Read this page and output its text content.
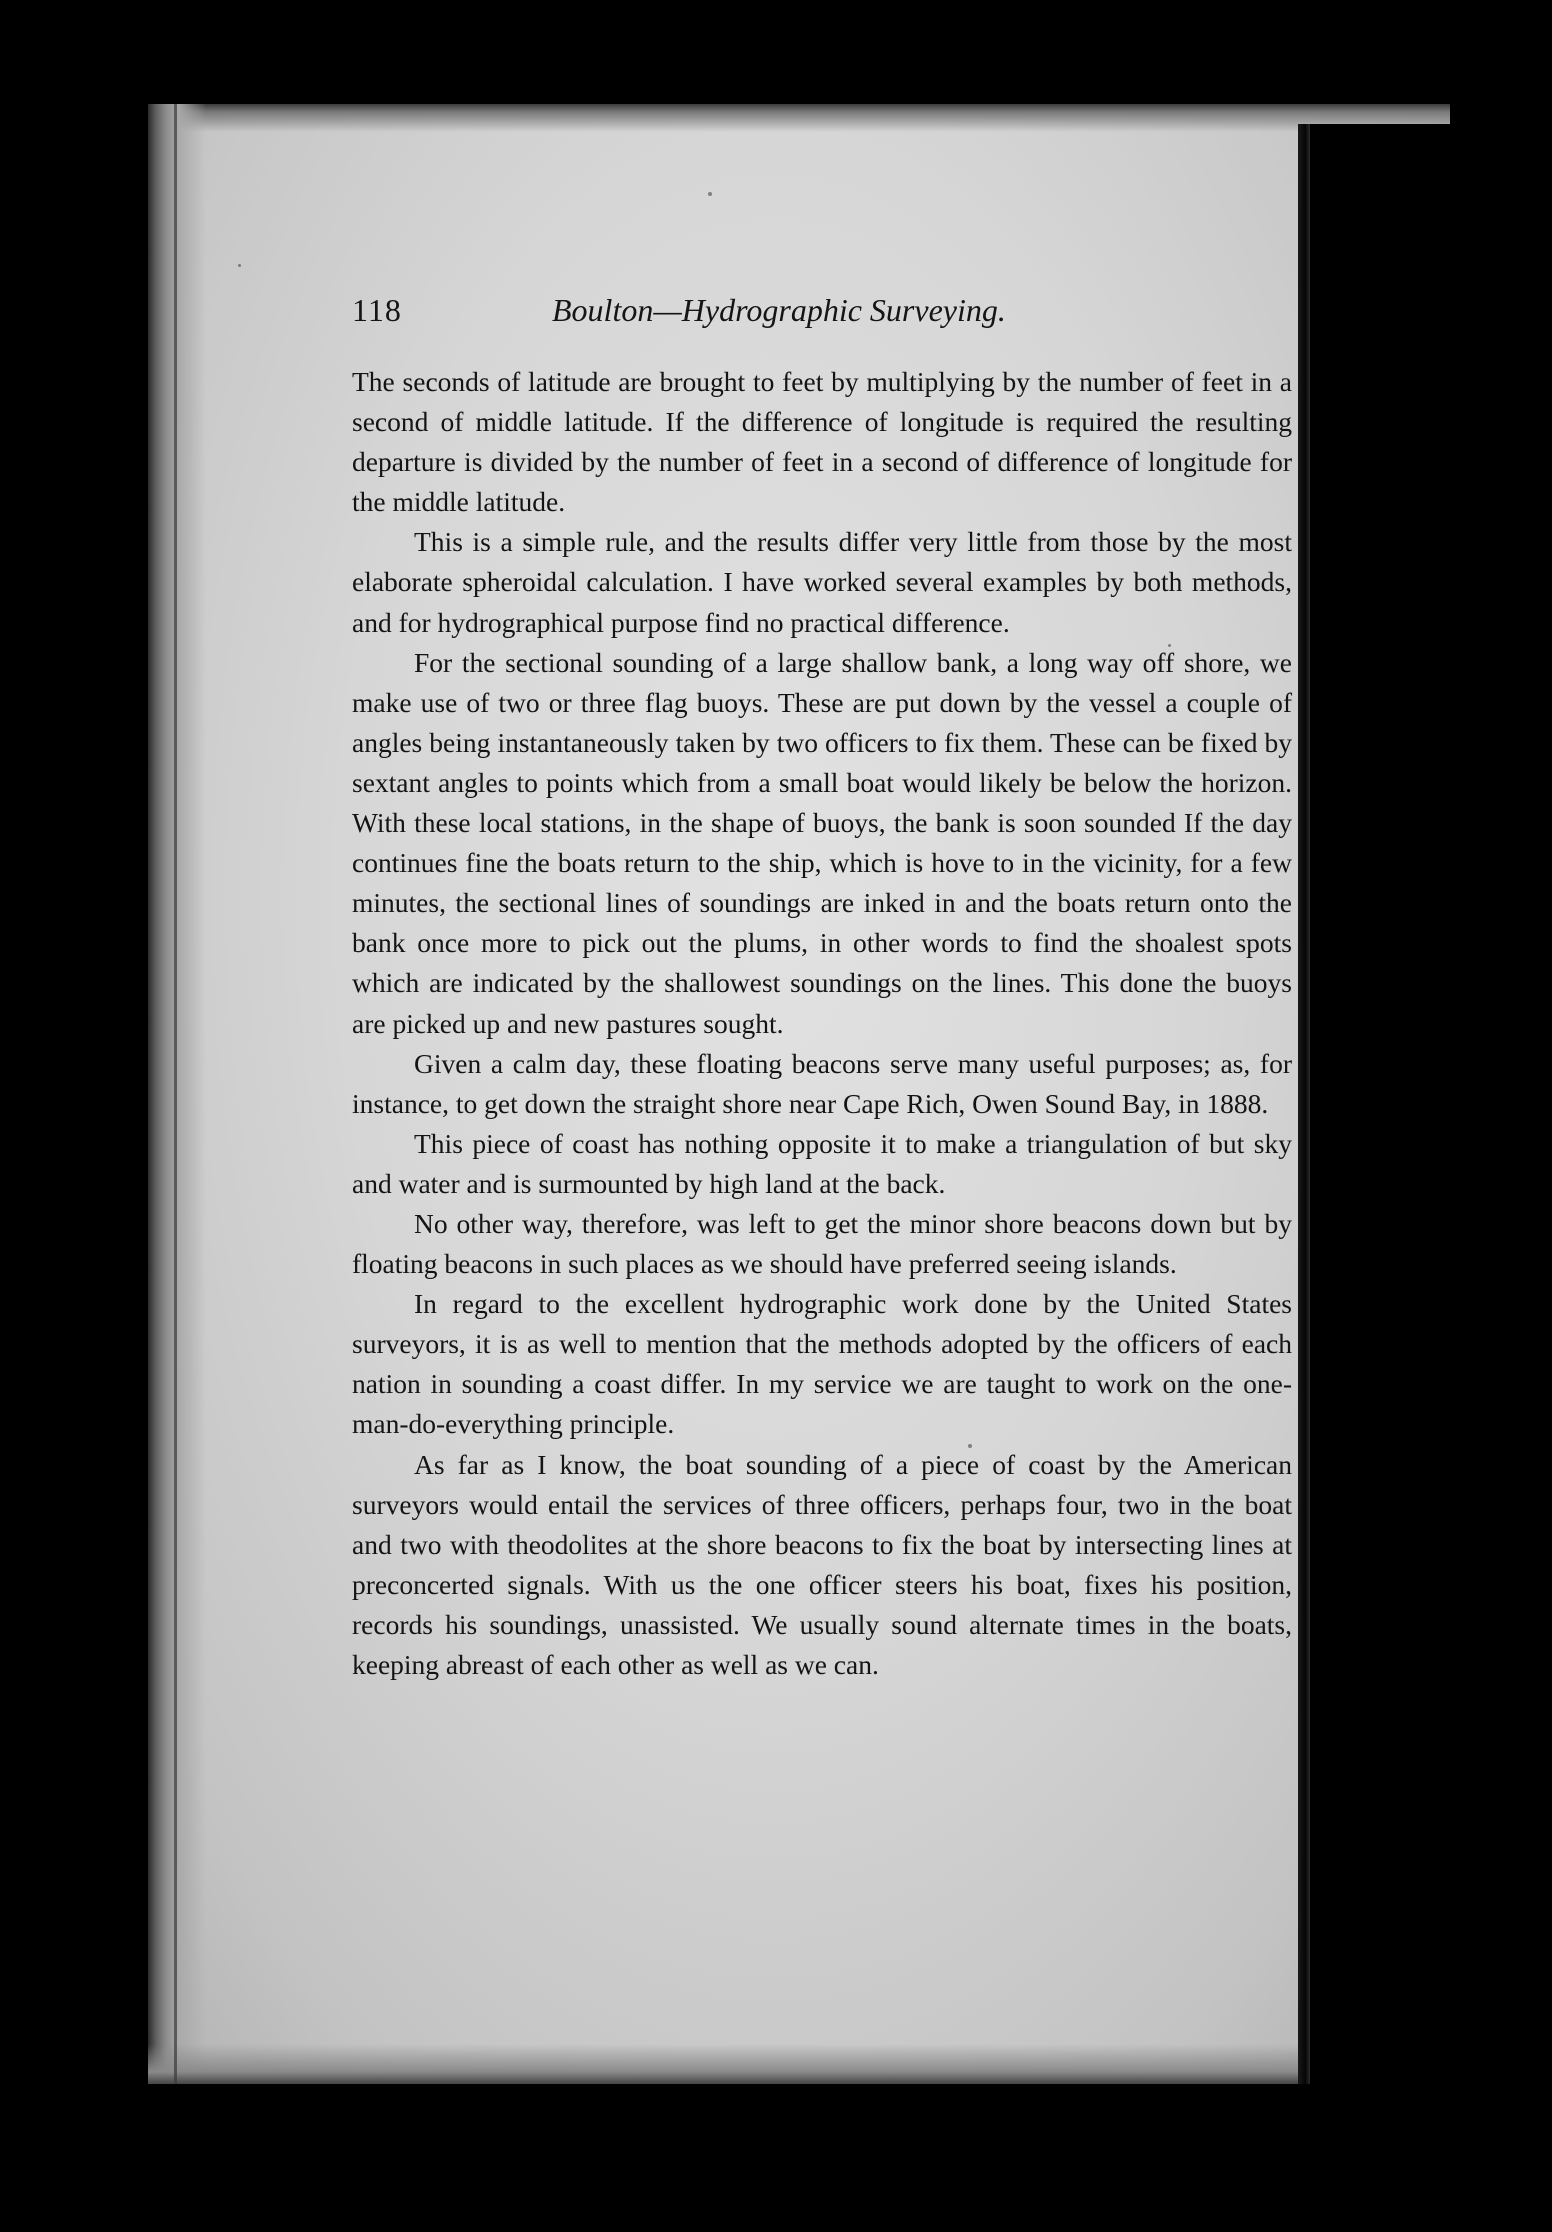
118	Boulton—Hydrographic Surveying.

The seconds of latitude are brought to feet by multiplying by the number of feet in a second of middle latitude. If the difference of longitude is required the resulting departure is divided by the number of feet in a second of difference of longitude for the middle latitude.

This is a simple rule, and the results differ very little from those by the most elaborate spheroidal calculation. I have worked several examples by both methods, and for hydrographical purpose find no practical difference.

For the sectional sounding of a large shallow bank, a long way off shore, we make use of two or three flag buoys. These are put down by the vessel a couple of angles being instantaneously taken by two officers to fix them. These can be fixed by sextant angles to points which from a small boat would likely be below the horizon. With these local stations, in the shape of buoys, the bank is soon sounded If the day continues fine the boats return to the ship, which is hove to in the vicinity, for a few minutes, the sectional lines of soundings are inked in and the boats return onto the bank once more to pick out the plums, in other words to find the shoalest spots which are indicated by the shallowest soundings on the lines. This done the buoys are picked up and new pastures sought.

Given a calm day, these floating beacons serve many useful purposes; as, for instance, to get down the straight shore near Cape Rich, Owen Sound Bay, in 1888.

This piece of coast has nothing opposite it to make a triangulation of but sky and water and is surmounted by high land at the back.

No other way, therefore, was left to get the minor shore beacons down but by floating beacons in such places as we should have preferred seeing islands.

In regard to the excellent hydrographic work done by the United States surveyors, it is as well to mention that the methods adopted by the officers of each nation in sounding a coast differ. In my service we are taught to work on the one-man-do-everything principle.

As far as I know, the boat sounding of a piece of coast by the American surveyors would entail the services of three officers, perhaps four, two in the boat and two with theodolites at the shore beacons to fix the boat by intersecting lines at preconcerted signals. With us the one officer steers his boat, fixes his position, records his soundings, unassisted. We usually sound alternate times in the boats, keeping abreast of each other as well as we can.
